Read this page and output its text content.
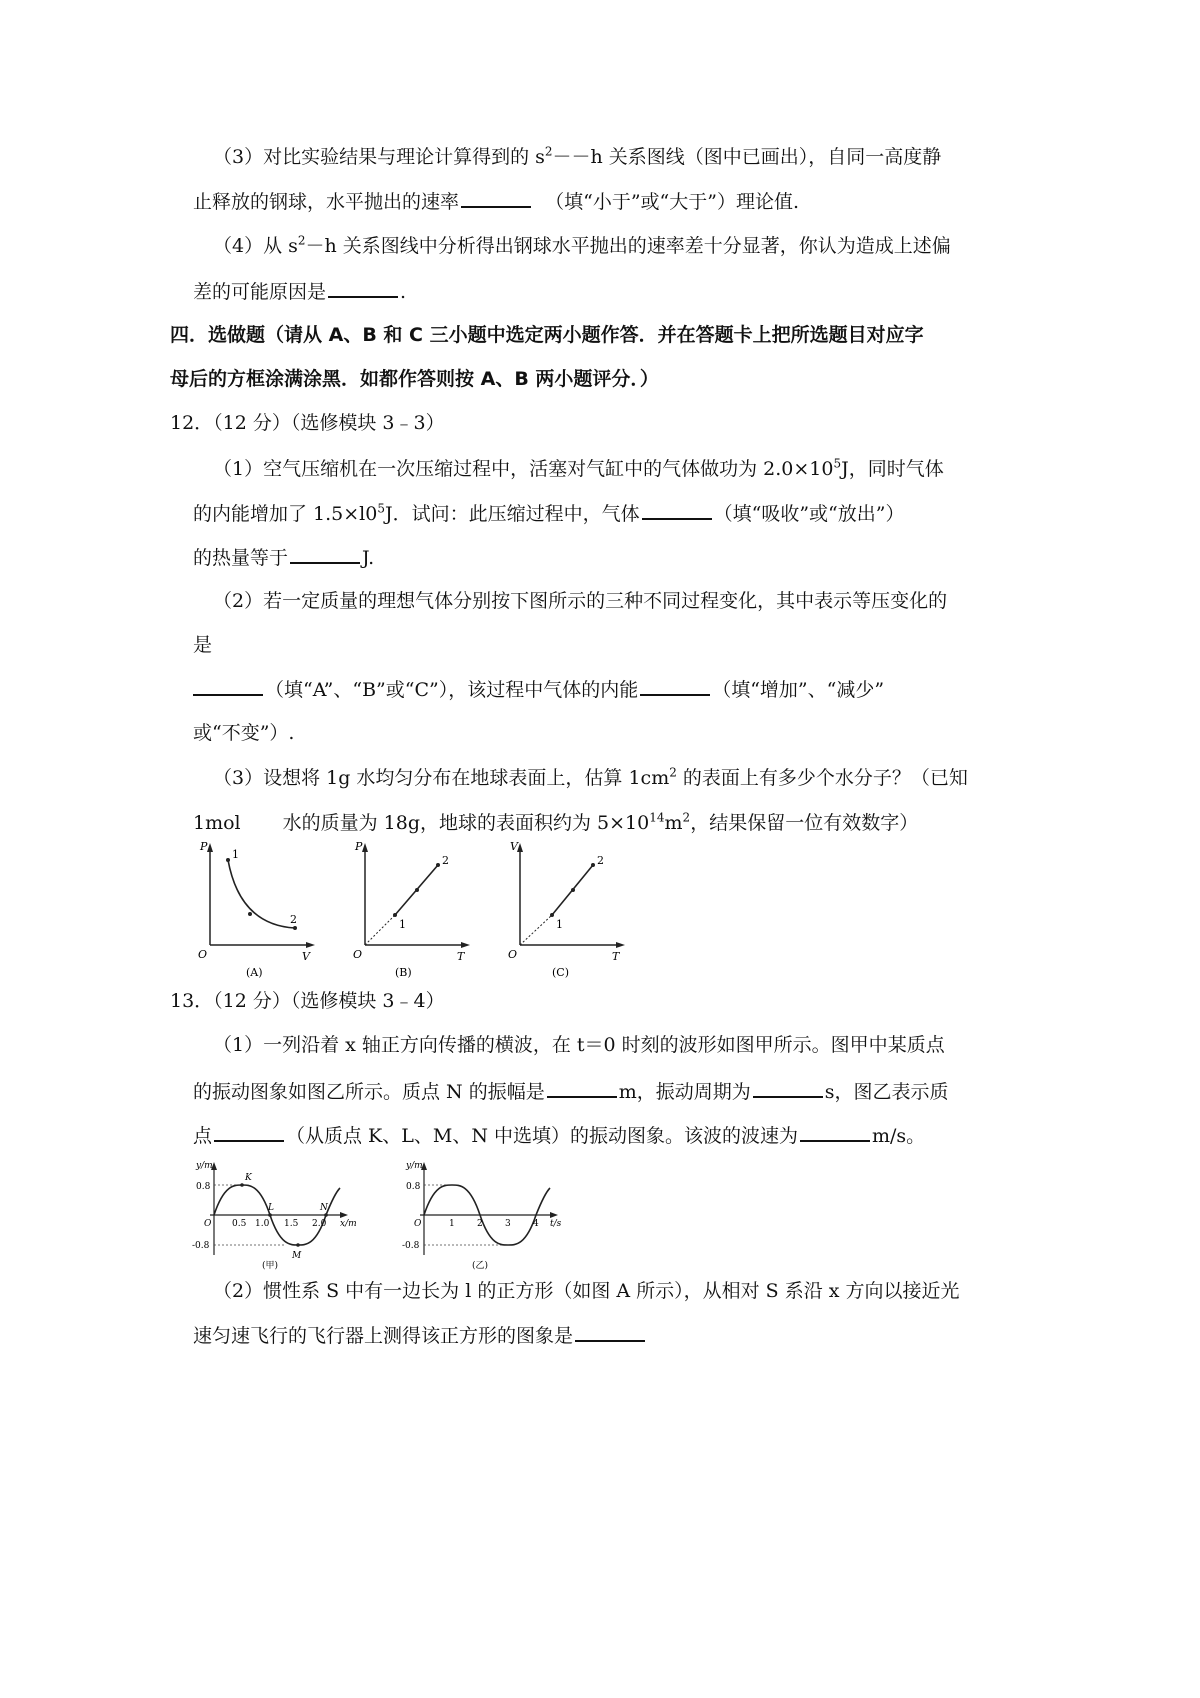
（3）对比实验结果与理论计算得到的 $s^2--h$ 关系图线（图中已画出），自同一高度静
止释放的钢球，水平抛出的速率	（填“小于”或“大于”）理论值.
（4）从 $s^2-h$ 关系图线中分析得出钢球水平抛出的速率差十分显著，你认为造成上述偏
差的可能原因是	.
四．选做题（请从 A、B 和 C 三小题中选定两小题作答．并在答题卡上把所选题目对应字
母后的方框涂满涂黑．如都作答则按 A、B 两小题评分．）
12．（12 分）（选修模块 3﹣3）
（1）空气压缩机在一次压缩过程中，活塞对气缸中的气体做功为 $2.0\times 10^5J$，同时气体
的内能增加了 $1.5\times l0^5J$．试问：此压缩过程中，气体	（填“吸收”或“放出”）
的热量等于	J.
（2）若一定质量的理想气体分别按下图所示的三种不同过程变化，其中表示等压变化的
是
（填“A”、“B”或“C”），该过程中气体的内能	（填“增加”、“减少”
或“不变”）.
（3）设想将 1g 水均匀分布在地球表面上，估算 $1cm^2$ 的表面上有多少个水分子？（已知
1mol 水的质量为 18g，地球的表面积约为 $5\times 10^{14}m^2$，结果保留一位有效数字）
P
V
O
1
2
(A)
P
T
O
1
2
(B)
V
T
O
1
2
(C)
13．（12 分）（选修模块 3﹣4）
（1）一列沿着 x 轴正方向传播的横波，在 t＝0 时刻的波形如图甲所示。图甲中某质点
的振动图象如图乙所示。质点 N 的振幅是	m，振动周期为	s，图乙表示质
点	（从质点 K、L、M、N 中选填）的振动图象。该波的波速为	m/s。
y/m
x/m
0.8
-0.8
O 0.5 1.0 1.5 2.0
K
L
M
N
(甲)
y/m
t/s
0.8
-0.8
O	1 2 3 4
(乙)
（2）惯性系 S 中有一边长为 l 的正方形（如图 A 所示），从相对 S 系沿 x 方向以接近光
速匀速飞行的飞行器上测得该正方形的图象是
